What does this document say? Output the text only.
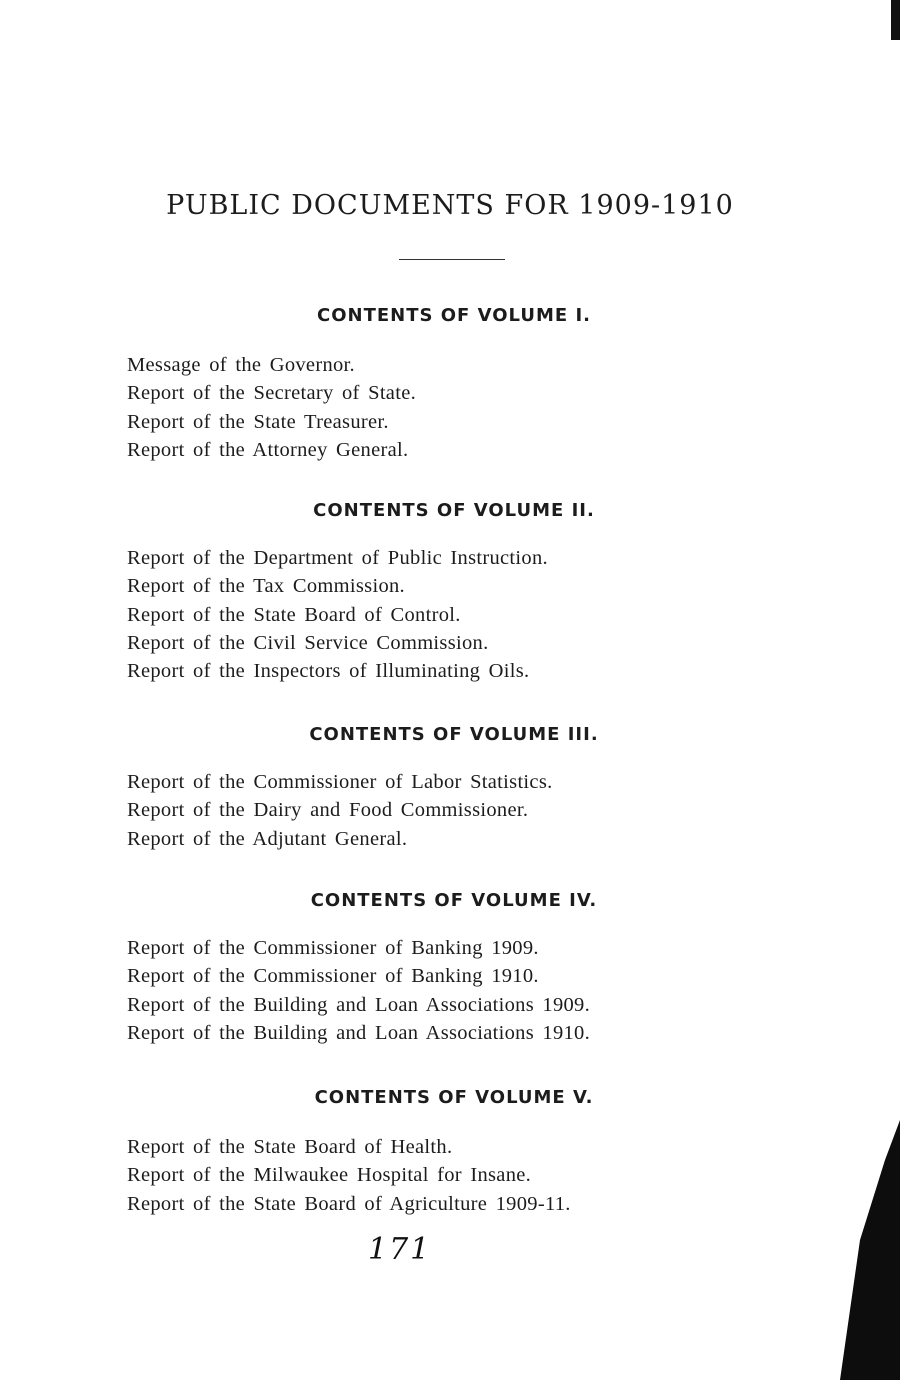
PUBLIC DOCUMENTS FOR 1909-1910
CONTENTS OF VOLUME I.
Message of the Governor.
Report of the Secretary of State.
Report of the State Treasurer.
Report of the Attorney General.
CONTENTS OF VOLUME II.
Report of the Department of Public Instruction.
Report of the Tax Commission.
Report of the State Board of Control.
Report of the Civil Service Commission.
Report of the Inspectors of Illuminating Oils.
CONTENTS OF VOLUME III.
Report of the Commissioner of Labor Statistics.
Report of the Dairy and Food Commissioner.
Report of the Adjutant General.
CONTENTS OF VOLUME IV.
Report of the Commissioner of Banking 1909.
Report of the Commissioner of Banking 1910.
Report of the Building and Loan Associations 1909.
Report of the Building and Loan Associations 1910.
CONTENTS OF VOLUME V.
Report of the State Board of Health.
Report of the Milwaukee Hospital for Insane.
Report of the State Board of Agriculture 1909-11.
171
